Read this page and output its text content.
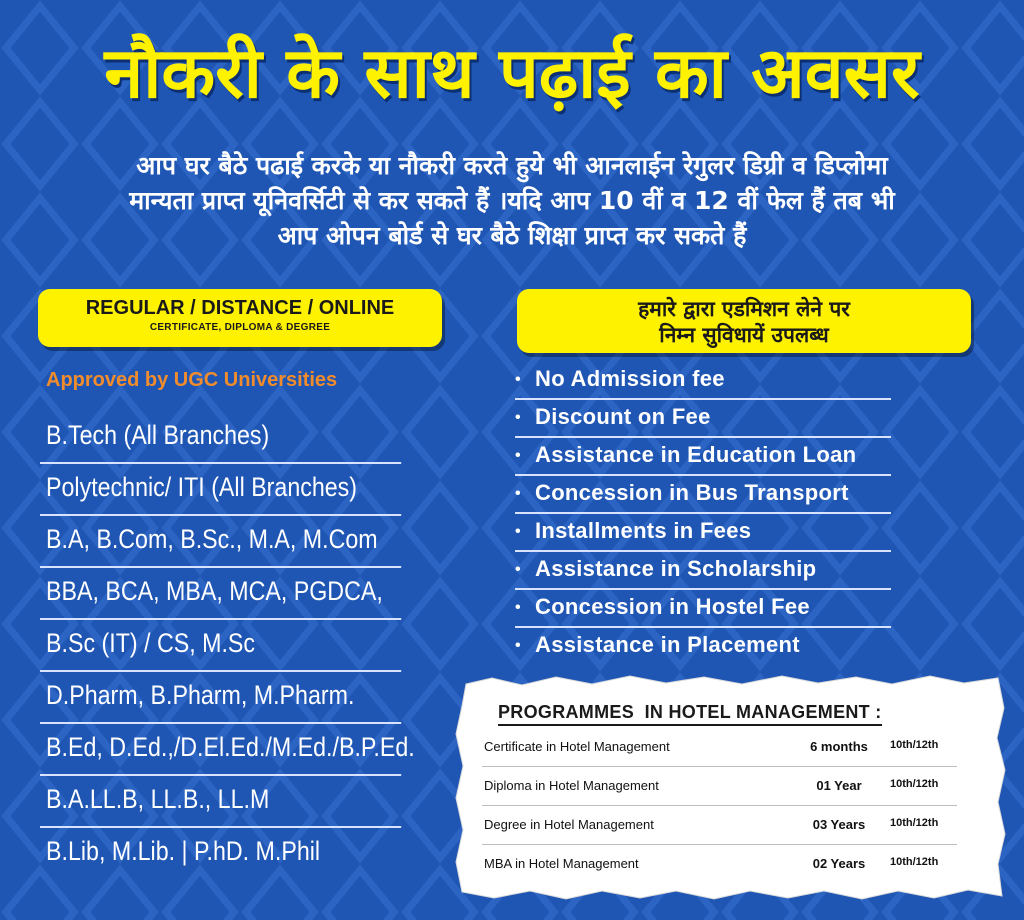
नौकरी के साथ पढ़ाई का अवसर
आप घर बैठे पढाई करके या नौकरी करते हुये भी आनलाईन रेगुलर डिग्री व डिप्लोमा
मान्यता प्राप्त यूनिवर्सिटी से कर सकते हैं ।यदि आप 10 वीं व 12 वीं फेल हैं तब भी
आप ओपन बोर्ड से घर बैठे शिक्षा प्राप्त कर सकते हैं
REGULAR / DISTANCE / ONLINE
CERTIFICATE, DIPLOMA & DEGREE
हमारे द्वारा एडमिशन लेने पर
निम्न सुविधायें उपलब्ध
Approved by UGC Universities
B.Tech (All Branches)
Polytechnic/ ITI (All Branches)
B.A, B.Com, B.Sc., M.A, M.Com
BBA, BCA, MBA, MCA, PGDCA,
B.Sc (IT) / CS, M.Sc
D.Pharm, B.Pharm, M.Pharm.
B.Ed, D.Ed.,/D.El.Ed./M.Ed./B.P.Ed.
B.A.LL.B, LL.B., LL.M
B.Lib, M.Lib. | P.hD. M.Phil
• No Admission fee
• Discount on Fee
• Assistance in Education Loan
• Concession in Bus Transport
• Installments in Fees
• Assistance in Scholarship
• Concession in Hostel Fee
• Assistance in Placement
PROGRAMMES  IN HOTEL MANAGEMENT :
Certificate in Hotel Management	6 months	10th/12th
Diploma in Hotel Management	01 Year	10th/12th
Degree in Hotel Management	03 Years	10th/12th
MBA in Hotel Management	02 Years	10th/12th
